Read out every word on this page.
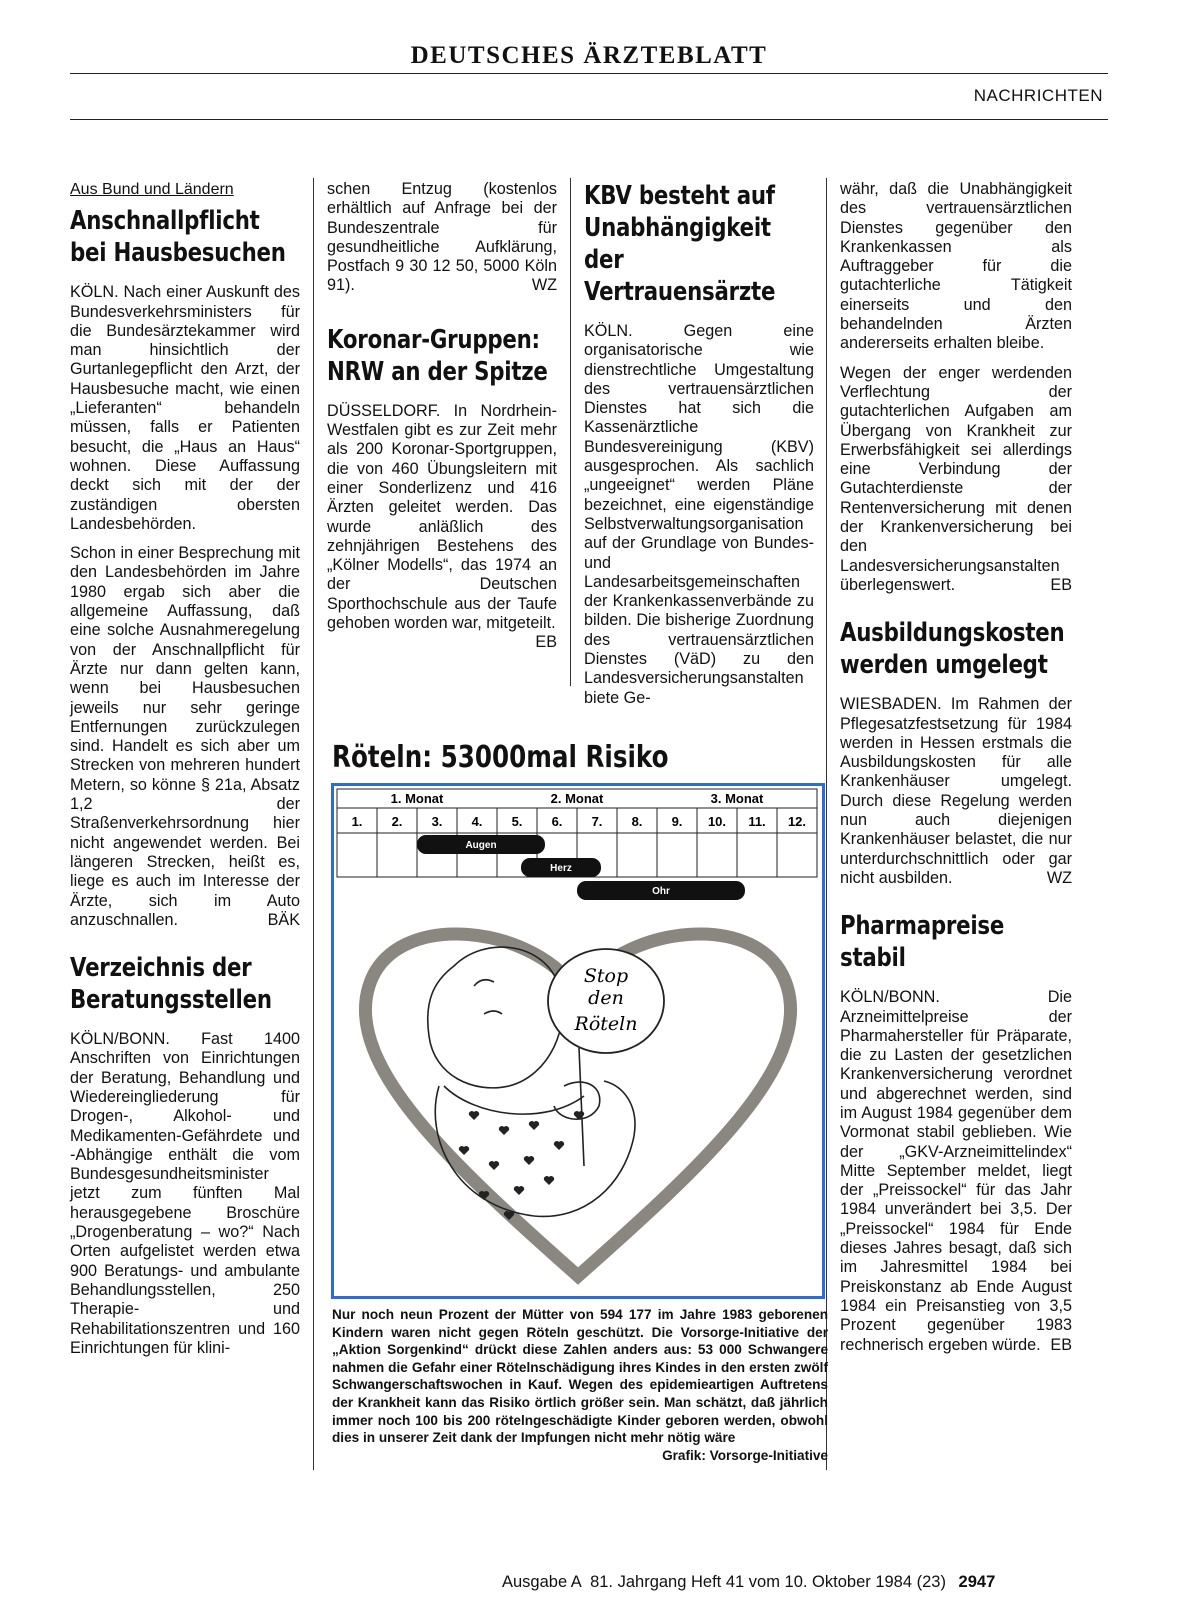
DEUTSCHES ÄRZTEBLATT
NACHRICHTEN
Aus Bund und Ländern
Anschnallpflicht bei Hausbesuchen

KÖLN. Nach einer Auskunft des Bundesverkehrsministers für die Bundesärztekammer wird man hinsichtlich der Gurtanlegepflicht den Arzt, der Hausbesuche macht, wie einen „Lieferanten“ behandeln müssen, falls er Patienten besucht, die „Haus an Haus“ wohnen. Diese Auffassung deckt sich mit der der zuständigen obersten Landesbehörden.

Schon in einer Besprechung mit den Landesbehörden im Jahre 1980 ergab sich aber die allgemeine Auffassung, daß eine solche Ausnahmeregelung von der Anschnallpflicht für Ärzte nur dann gelten kann, wenn bei Hausbesuchen jeweils nur sehr geringe Entfernungen zurückzulegen sind. Handelt es sich aber um Strecken von mehreren hundert Metern, so könne § 21a, Absatz 1,2 der Straßenverkehrsordnung hier nicht angewendet werden. Bei längeren Strecken, heißt es, liege es auch im Interesse der Ärzte, sich im Auto anzuschnallen.	BÄK

Verzeichnis der Beratungsstellen

KÖLN/BONN. Fast 1400 Anschriften von Einrichtungen der Beratung, Behandlung und Wiedereingliederung für Drogen-, Alkohol- und Medikamenten-Gefährdete und -Abhängige enthält die vom Bundesgesundheitsminister jetzt zum fünften Mal herausgegebene Broschüre „Drogenberatung – wo?“ Nach Orten aufgelistet werden etwa 900 Beratungs- und ambulante Behandlungsstellen, 250 Therapie- und Rehabilitationszentren und 160 Einrichtungen für klini-

schen Entzug (kostenlos erhältlich auf Anfrage bei der Bundeszentrale für gesundheitliche Aufklärung, Postfach 9 30 12 50, 5000 Köln 91).	WZ

Koronar-Gruppen: NRW an der Spitze

DÜSSELDORF. In Nordrhein-Westfalen gibt es zur Zeit mehr als 200 Koronar-Sportgruppen, die von 460 Übungsleitern mit einer Sonderlizenz und 416 Ärzten geleitet werden. Das wurde anläßlich des zehnjährigen Bestehens des „Kölner Modells“, das 1974 an der Deutschen Sporthochschule aus der Taufe gehoben worden war, mitgeteilt.
EB

KBV besteht auf Unabhängigkeit der Vertrauensärzte

KÖLN. Gegen eine organisatorische wie dienstrechtliche Umgestaltung des vertrauensärztlichen Dienstes hat sich die Kassenärztliche Bundesvereinigung (KBV) ausgesprochen. Als sachlich „ungeeignet“ werden Pläne bezeichnet, eine eigenständige Selbstverwaltungsorganisation auf der Grundlage von Bundes- und Landesarbeitsgemeinschaften der Krankenkassenverbände zu bilden. Die bisherige Zuordnung des vertrauensärztlichen Dienstes (VäD) zu den Landesversicherungsanstalten biete Ge-

währ, daß die Unabhängigkeit des vertrauensärztlichen Dienstes gegenüber den Krankenkassen als Auftraggeber für die gutachterliche Tätigkeit einerseits und den behandelnden Ärzten andererseits erhalten bleibe.

Wegen der enger werdenden Verflechtung der gutachterlichen Aufgaben am Übergang von Krankheit zur Erwerbsfähigkeit sei allerdings eine Verbindung der Gutachterdienste der Rentenversicherung mit denen der Krankenversicherung bei den Landesversicherungsanstalten überlegenswert.	EB

Ausbildungskosten werden umgelegt

WIESBADEN. Im Rahmen der Pflegesatzfestsetzung für 1984 werden in Hessen erstmals die Ausbildungskosten für alle Krankenhäuser umgelegt. Durch diese Regelung werden nun auch diejenigen Krankenhäuser belastet, die nur unterdurchschnittlich oder gar nicht ausbilden.	WZ

Pharmapreise stabil

KÖLN/BONN. Die Arzneimittelpreise der Pharmahersteller für Präparate, die zu Lasten der gesetzlichen Krankenversicherung verordnet und abgerechnet werden, sind im August 1984 gegenüber dem Vormonat stabil geblieben. Wie der „GKV-Arzneimittelindex“ Mitte September meldet, liegt der „Preissockel“ für das Jahr 1984 unverändert bei 3,5. Der „Preissockel“ 1984 für Ende dieses Jahres besagt, daß sich im Jahresmittel 1984 bei Preiskonstanz ab Ende August 1984 ein Preisanstieg von 3,5 Prozent gegenüber 1983 rechnerisch ergeben würde. EB

Röteln: 53000mal Risiko
1. Monat	2. Monat	3. Monat
1. 2. 3. 4. 5. 6. 7. 8. 9. 10. 11. 12.
Augen
Herz
Ohr
Stop
den
Röteln
Nur noch neun Prozent der Mütter von 594 177 im Jahre 1983 geborenen Kindern waren nicht gegen Röteln geschützt. Die Vorsorge-Initiative der „Aktion Sorgenkind“ drückt diese Zahlen anders aus: 53 000 Schwangere nahmen die Gefahr einer Rötelnschädigung ihres Kindes in den ersten zwölf Schwangerschaftswochen in Kauf. Wegen des epidemieartigen Auftretens der Krankheit kann das Risiko örtlich größer sein. Man schätzt, daß jährlich immer noch 100 bis 200 rötelngeschädigte Kinder geboren werden, obwohl dies in unserer Zeit dank der Impfungen nicht mehr nötig wäre
Grafik: Vorsorge-Initiative
Ausgabe A  81. Jahrgang Heft 41 vom 10. Oktober 1984 (23) 2947
